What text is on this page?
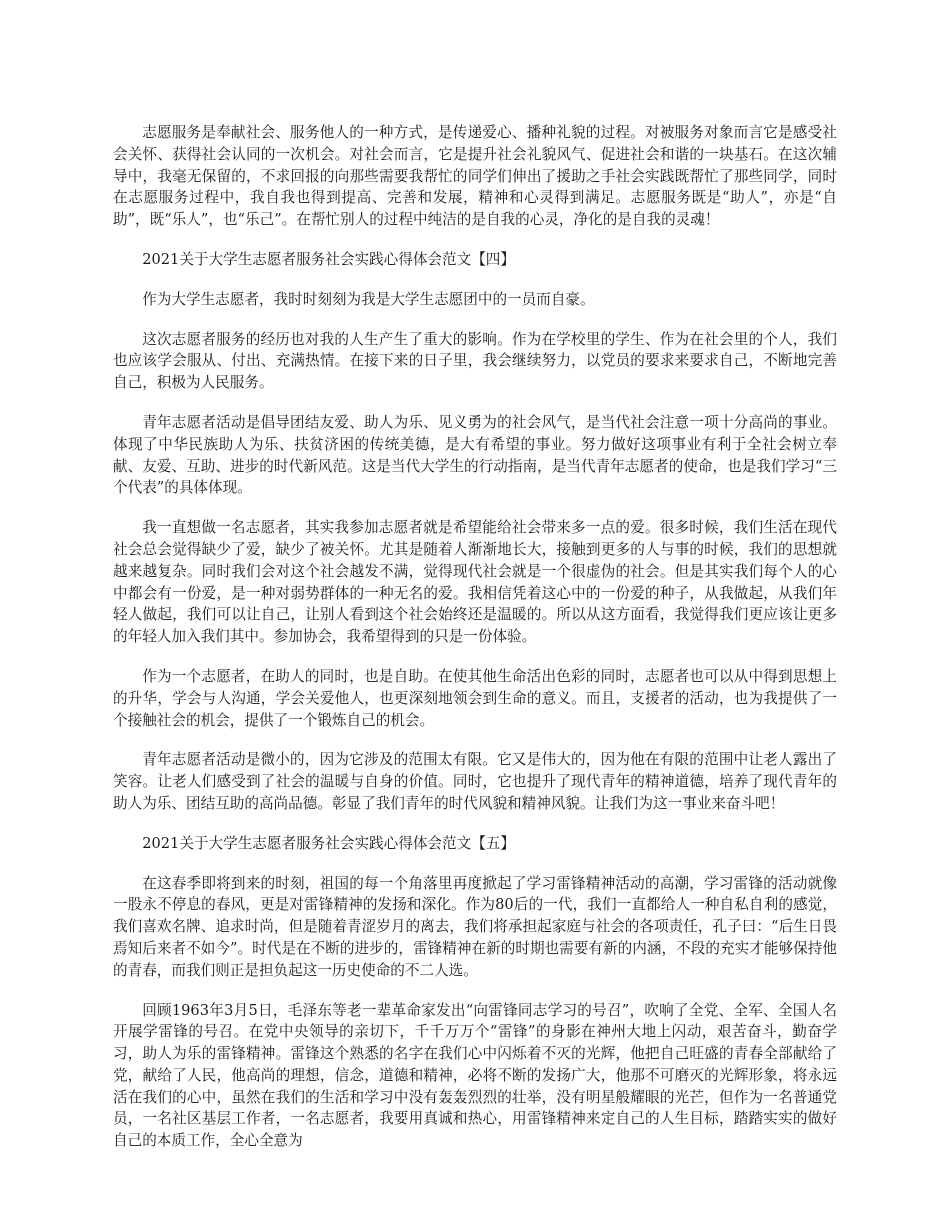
志愿服务是奉献社会、服务他人的一种方式，是传递爱心、播种礼貌的过程。对被服务对象而言它是感受社会关怀、获得社会认同的一次机会。对社会而言，它是提升社会礼貌风气、促进社会和谐的一块基石。在这次辅导中，我毫无保留的，不求回报的向那些需要我帮忙的同学们伸出了援助之手社会实践既帮忙了那些同学，同时在志愿服务过程中，我自我也得到提高、完善和发展，精神和心灵得到满足。志愿服务既是“助人”，亦是“自助”，既“乐人”，也“乐己”。在帮忙别人的过程中纯洁的是自我的心灵，净化的是自我的灵魂！

2021关于大学生志愿者服务社会实践心得体会范文【四】

作为大学生志愿者，我时时刻刻为我是大学生志愿团中的一员而自豪。

这次志愿者服务的经历也对我的人生产生了重大的影响。作为在学校里的学生、作为在社会里的个人，我们也应该学会服从、付出、充满热情。在接下来的日子里，我会继续努力，以党员的要求来要求自己，不断地完善自己，积极为人民服务。

青年志愿者活动是倡导团结友爱、助人为乐、见义勇为的社会风气，是当代社会注意一项十分高尚的事业。体现了中华民族助人为乐、扶贫济困的传统美德，是大有希望的事业。努力做好这项事业有利于全社会树立奉献、友爱、互助、进步的时代新风范。这是当代大学生的行动指南，是当代青年志愿者的使命，也是我们学习“三个代表”的具体体现。

我一直想做一名志愿者，其实我参加志愿者就是希望能给社会带来多一点的爱。很多时候，我们生活在现代社会总会觉得缺少了爱，缺少了被关怀。尤其是随着人渐渐地长大，接触到更多的人与事的时候，我们的思想就越来越复杂。同时我们会对这个社会越发不满，觉得现代社会就是一个很虚伪的社会。但是其实我们每个人的心中都会有一份爱，是一种对弱势群体的一种无名的爱。我相信凭着这心中的一份爱的种子，从我做起，从我们年轻人做起，我们可以让自己，让别人看到这个社会始终还是温暖的。所以从这方面看，我觉得我们更应该让更多的年轻人加入我们其中。参加协会，我希望得到的只是一份体验。

作为一个志愿者，在助人的同时，也是自助。在使其他生命活出色彩的同时，志愿者也可以从中得到思想上的升华，学会与人沟通，学会关爱他人，也更深刻地领会到生命的意义。而且，支援者的活动，也为我提供了一个接触社会的机会，提供了一个锻炼自己的机会。

青年志愿者活动是微小的，因为它涉及的范围太有限。它又是伟大的，因为他在有限的范围中让老人露出了笑容。让老人们感受到了社会的温暖与自身的价值。同时，它也提升了现代青年的精神道德，培养了现代青年的助人为乐、团结互助的高尚品德。彰显了我们青年的时代风貌和精神风貌。让我们为这一事业来奋斗吧！

2021关于大学生志愿者服务社会实践心得体会范文【五】

在这春季即将到来的时刻，祖国的每一个角落里再度掀起了学习雷锋精神活动的高潮，学习雷锋的活动就像一股永不停息的春风，更是对雷锋精神的发扬和深化。作为80后的一代，我们一直都给人一种自私自利的感觉，我们喜欢名牌、追求时尚，但是随着青涩岁月的离去，我们将承担起家庭与社会的各项责任，孔子曰：“后生日畏 焉知后来者不如今”。时代是在不断的进步的，雷锋精神在新的时期也需要有新的内涵，不段的充实才能够保持他的青春，而我们则正是担负起这一历史使命的不二人选。

回顾1963年3月5日，毛泽东等老一辈革命家发出“向雷锋同志学习的号召”，吹响了全党、全军、全国人名开展学雷锋的号召。在党中央领导的亲切下，千千万万个“雷锋”的身影在神州大地上闪动，艰苦奋斗，勤奋学习，助人为乐的雷锋精神。雷锋这个熟悉的名字在我们心中闪烁着不灭的光辉，他把自己旺盛的青春全部献给了党，献给了人民，他高尚的理想，信念，道德和精神，必将不断的发扬广大，他那不可磨灭的光辉形象，将永远活在我们的心中，虽然在我们的生活和学习中没有轰轰烈烈的壮举，没有明星般耀眼的光芒，但作为一名普通党员，一名社区基层工作者，一名志愿者，我要用真诚和热心，用雷锋精神来定自己的人生目标，踏踏实实的做好自己的本质工作，全心全意为
